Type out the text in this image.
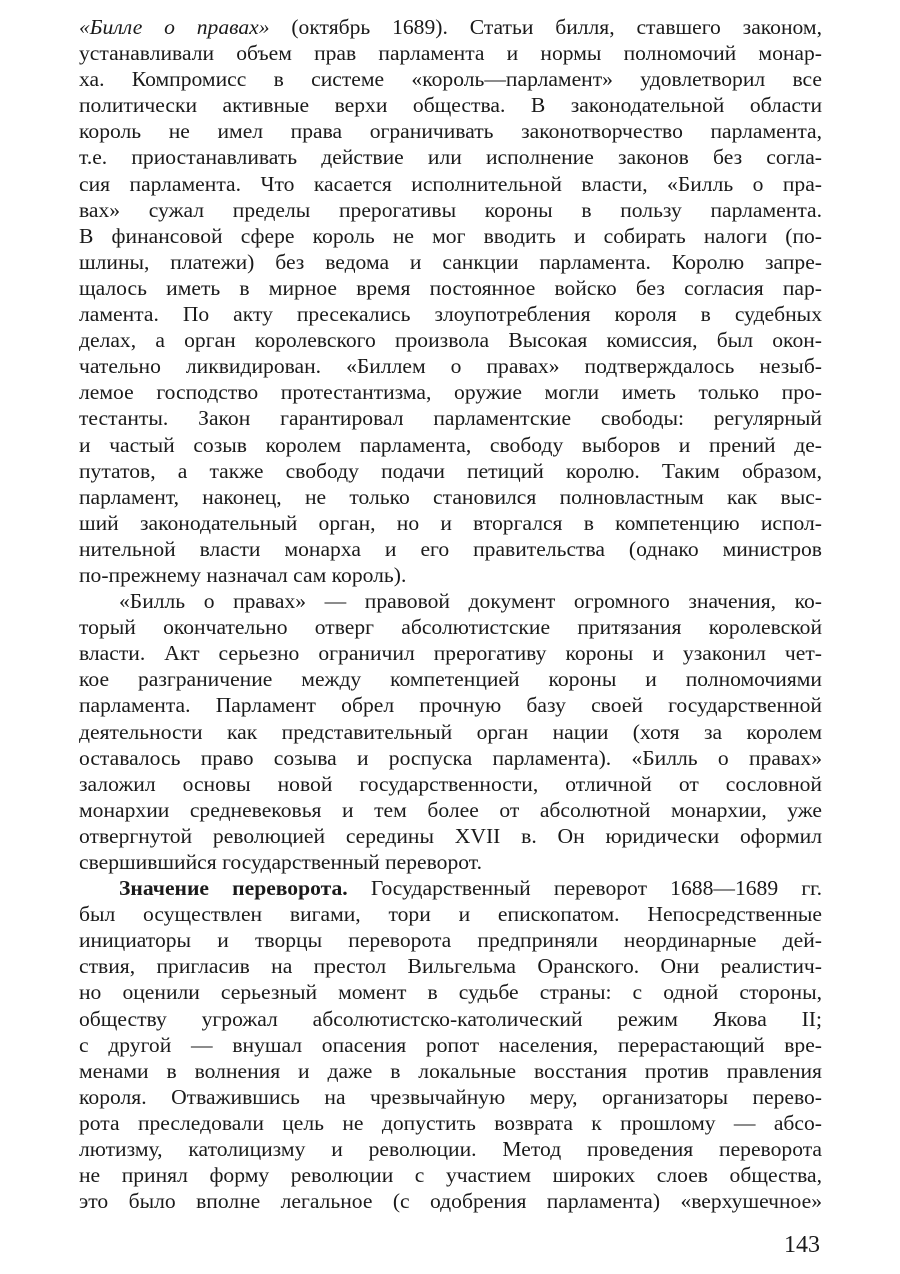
«Билле о правах» (октябрь 1689). Статьи билля, ставшего законом,
устанавливали объем прав парламента и нормы полномочий монар-
ха. Компромисс в системе «король—парламент» удовлетворил все
политически активные верхи общества. В законодательной области
король не имел права ограничивать законотворчество парламента,
т.е. приостанавливать действие или исполнение законов без согла-
сия парламента. Что касается исполнительной власти, «Билль о пра-
вах» сужал пределы прерогативы короны в пользу парламента.
В финансовой сфере король не мог вводить и собирать налоги (по-
шлины, платежи) без ведома и санкции парламента. Королю запре-
щалось иметь в мирное время постоянное войско без согласия пар-
ламента. По акту пресекались злоупотребления короля в судебных
делах, а орган королевского произвола Высокая комиссия, был окон-
чательно ликвидирован. «Биллем о правах» подтверждалось незыб-
лемое господство протестантизма, оружие могли иметь только про-
тестанты. Закон гарантировал парламентские свободы: регулярный
и частый созыв королем парламента, свободу выборов и прений де-
путатов, а также свободу подачи петиций королю. Таким образом,
парламент, наконец, не только становился полновластным как выс-
ший законодательный орган, но и вторгался в компетенцию испол-
нительной власти монарха и его правительства (однако министров
по-прежнему назначал сам король).

«Билль о правах» — правовой документ огромного значения, ко-
торый окончательно отверг абсолютистские притязания королевской
власти. Акт серьезно ограничил прерогативу короны и узаконил чет-
кое разграничение между компетенцией короны и полномочиями
парламента. Парламент обрел прочную базу своей государственной
деятельности как представительный орган нации (хотя за королем
оставалось право созыва и роспуска парламента). «Билль о правах»
заложил основы новой государственности, отличной от сословной
монархии средневековья и тем более от абсолютной монархии, уже
отвергнутой революцией середины XVII в. Он юридически оформил
свершившийся государственный переворот.

Значение переворота. Государственный переворот 1688—1689 гг.
был осуществлен вигами, тори и епископатом. Непосредственные
инициаторы и творцы переворота предприняли неординарные дей-
ствия, пригласив на престол Вильгельма Оранского. Они реалистич-
но оценили серьезный момент в судьбе страны: с одной стороны,
обществу угрожал абсолютистско-католический режим Якова II;
с другой — внушал опасения ропот населения, перерастающий вре-
менами в волнения и даже в локальные восстания против правления
короля. Отважившись на чрезвычайную меру, организаторы перево-
рота преследовали цель не допустить возврата к прошлому — абсо-
лютизму, католицизму и революции. Метод проведения переворота
не принял форму революции с участием широких слоев общества,
это было вполне легальное (с одобрения парламента) «верхушечное»

143
